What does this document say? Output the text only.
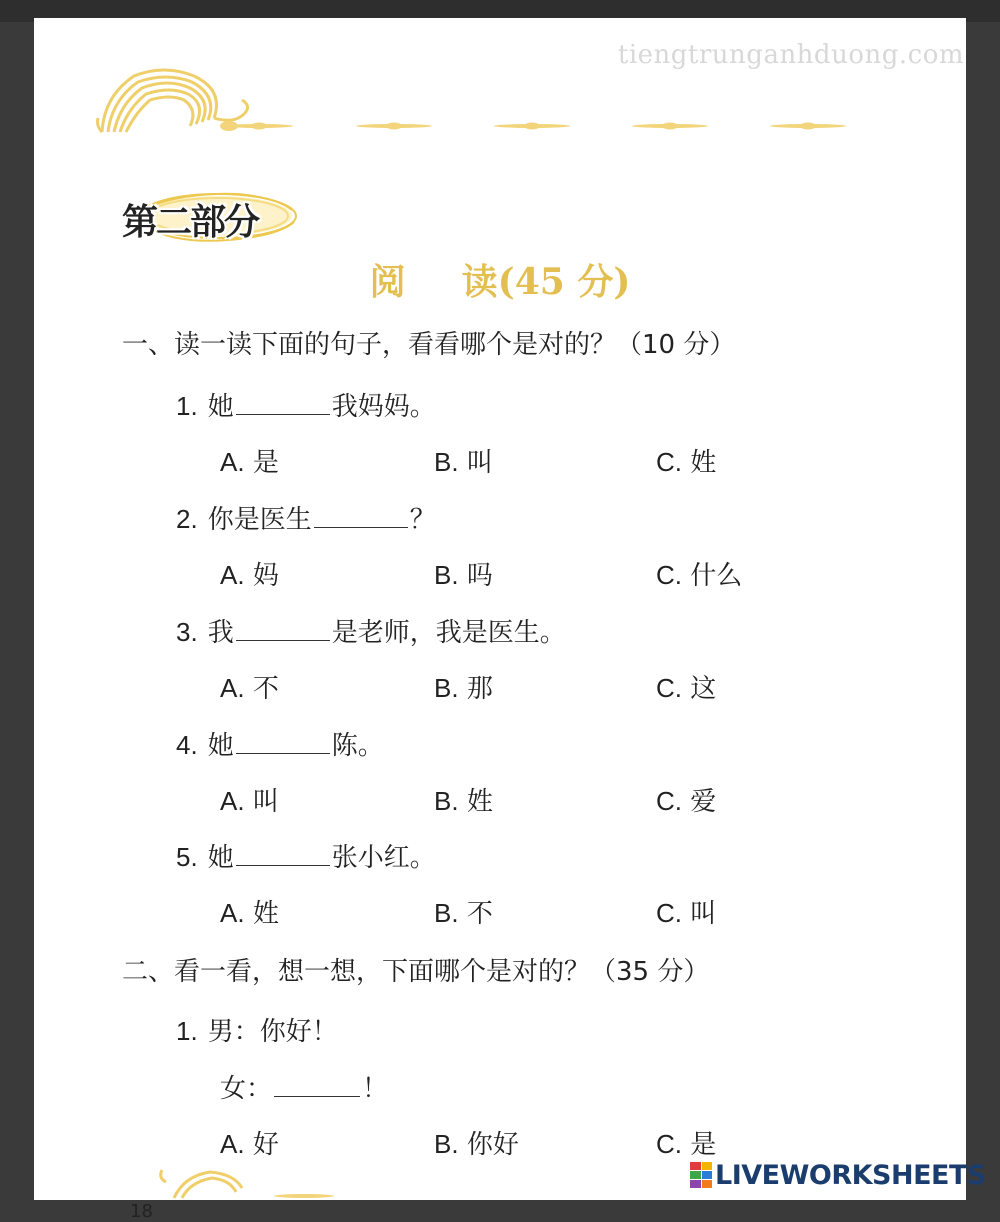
tiengtrunganhduong.com
第二部分
阅 读(45 分)
一、读一读下面的句子，看看哪个是对的？（10 分）
1. 她	我妈妈。
A. 是	B. 叫	C. 姓
2. 你是医生	？
A. 妈	B. 吗	C. 什么
3. 我	是老师，我是医生。
A. 不	B. 那	C. 这
4. 她	陈。
A. 叫	B. 姓	C. 爱
5. 她	张小红。
A. 姓	B. 不	C. 叫
二、看一看，想一想，下面哪个是对的？（35 分）
1. 男：你好！
女：	！
A. 好	B. 你好	C. 是
18
LIVEWORKSHEETS
